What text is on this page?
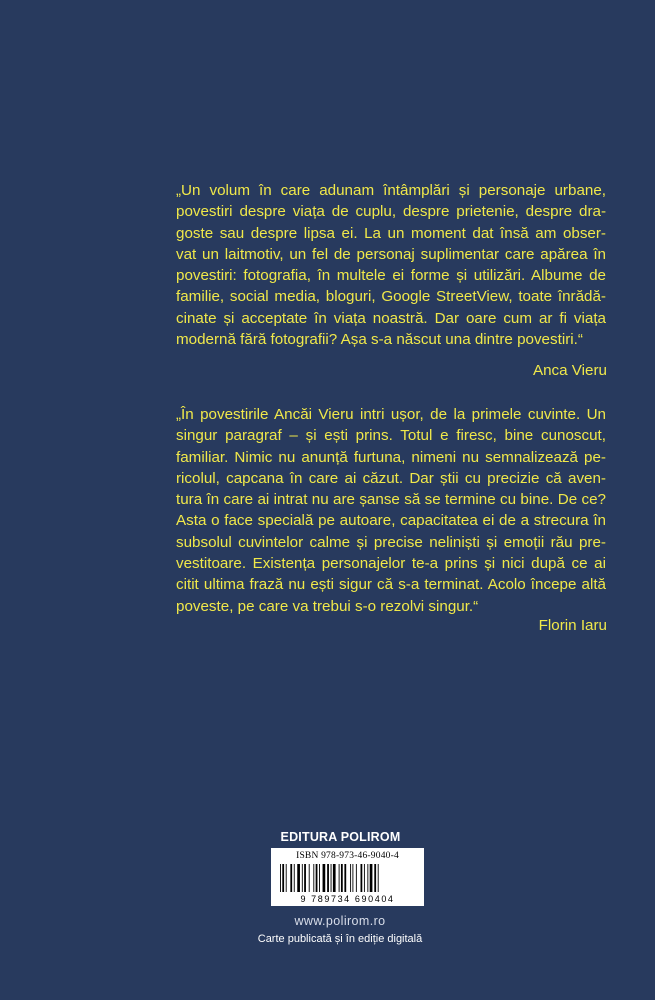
„Un volum în care adunam întâmplări și personaje urbane,
povestiri despre viața de cuplu, despre prietenie, despre dra-
goste sau despre lipsa ei. La un moment dat însă am obser-
vat un laitmotiv, un fel de personaj suplimentar care apărea în
povestiri: fotografia, în multele ei forme și utilizări. Albume de
familie, social media, bloguri, Google StreetView, toate înrădă-
cinate și acceptate în viața noastră. Dar oare cum ar fi viața
modernă fără fotografii? Așa s-a născut una dintre povestiri.“
Anca Vieru
„În povestirile Ancăi Vieru intri ușor, de la primele cuvinte. Un
singur paragraf – și ești prins. Totul e firesc, bine cunoscut,
familiar. Nimic nu anunță furtuna, nimeni nu semnalizează pe-
ricolul, capcana în care ai căzut. Dar știi cu precizie că aven-
tura în care ai intrat nu are șanse să se termine cu bine. De ce?
Asta o face specială pe autoare, capacitatea ei de a strecura în
subsolul cuvintelor calme și precise neliniști și emoții rău pre-
vestitoare. Existența personajelor te-a prins și nici după ce ai
citit ultima frază nu ești sigur că s-a terminat. Acolo începe altă
poveste, pe care va trebui s-o rezolvi singur.“
Florin Iaru
EDITURA POLIROM
ISBN 978-973-46-9040-4
9 789734 690404
www.polirom.ro
Carte publicată și în ediție digitală
